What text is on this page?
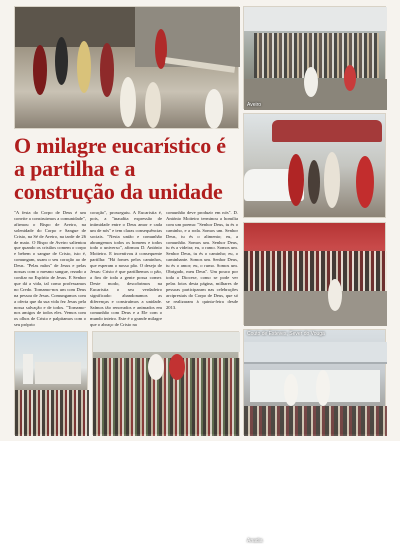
Aveiro
Anadia
O milagre eucarístico é a partilha e a construção da unidade

"A festa do Corpo de Deus é um convite a construirmos a comunidade", afirmou o Bispo de Aveiro, na solenidade do Corpo e Sangue de Cristo, na Sé de Aveiro, na tarde de 26 de maio. O Bispo de Aveiro salientou que quando os cristãos comem o corpo e bebem o sangue de Cristo, isto é, comungam, usam o seu coração ao de Deus. "Pelas mãos" de Jesus e pelas nossas com o mesmo sangue, rezado a confiar no Espírito de Jesus. E Senhor que dá a vida, tal como professamos no Credo. Tornamo-nos um com Deus na pessoa de Jesus. Comungamos com a oferta que da sua vida fez Jesus pela nossa salvação e de todos. "Tornamo-nos amigos de todos eles. Vemos com os olhos de Cristo e palpitamos com o seu próprio

coração", prosseguiu. A Eucaristia é, pois, a "inaudita expressão de intimidade entre o Deus amor e cada um de nós" e tem claras consequências sociais. "Nesta união e comunhão abrangemos todos os homens e todos todo o universo", afirmou D. António Moiteiro. E incentivou à consequente partilha: "Há fomes pelos caminhos, que esperam o nosso pão. O desejo de Jesus: Cristo é que partilhemos o pão, a fim de toda a gente possa comer. Deste modo, descobrimos na Eucaristia o seu verdadeiro significado: abandonamos as diferenças e construímos a unidade. Saímos tão renovados e animados em comunhão com Deus e a Ele com o mundo inteiro. Este é o grande milagre que o abraço de Cristo na

comunhão deve produzir em nós". D. António Moiteiro terminou a homilia com um poema: "Senhor Deus, tu és o caminho, e a roda. Somos um. Senhor Deus, tu és o alimento; eu, a comunhão. Somos um. Senhor Deus, tu és a videira; eu, o ramo. Somos um. Senhor Deus, tu és o caminho; eu, o caminhante. Somos um. Senhor Deus, tu és o amor; eu, o rumo. Somos um. Obrigado, meu Deus". Um pouco por toda a Diocese, como se pode ver pelas fotos desta página, milhares de pessoas participaram nas celebrações arciprestais do Corpo de Deus, que só se realizaram à quinta-feira desde 2013.

Couto de Esteves, Sever do Vouga
